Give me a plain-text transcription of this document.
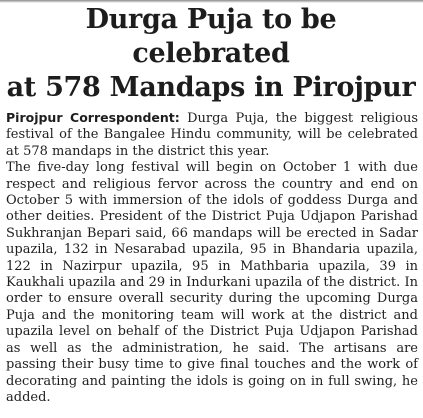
Durga Puja to be celebrated
at 578 Mandaps in Pirojpur

Pirojpur Correspondent: Durga Puja, the biggest religious festival of the Bangalee Hindu community, will be celebrated at 578 mandaps in the district this year.

The five-day long festival will begin on October 1 with due respect and religious fervor across the country and end on October 5 with immersion of the idols of goddess Durga and other deities. President of the District Puja Udjapon Parishad Sukhranjan Bepari said, 66 mandaps will be erected in Sadar upazila, 132 in Nesarabad upazila, 95 in Bhandaria upazila, 122 in Nazirpur upazila, 95 in Mathbaria upazila, 39 in Kaukhali upazila and 29 in Indurkani upazila of the district. In order to ensure overall security during the upcoming Durga Puja and the monitoring team will work at the district and upazila level on behalf of the District Puja Udjapon Parishad as well as the administration, he said. The artisans are passing their busy time to give final touches and the work of decorating and painting the idols is going on in full swing, he added.
